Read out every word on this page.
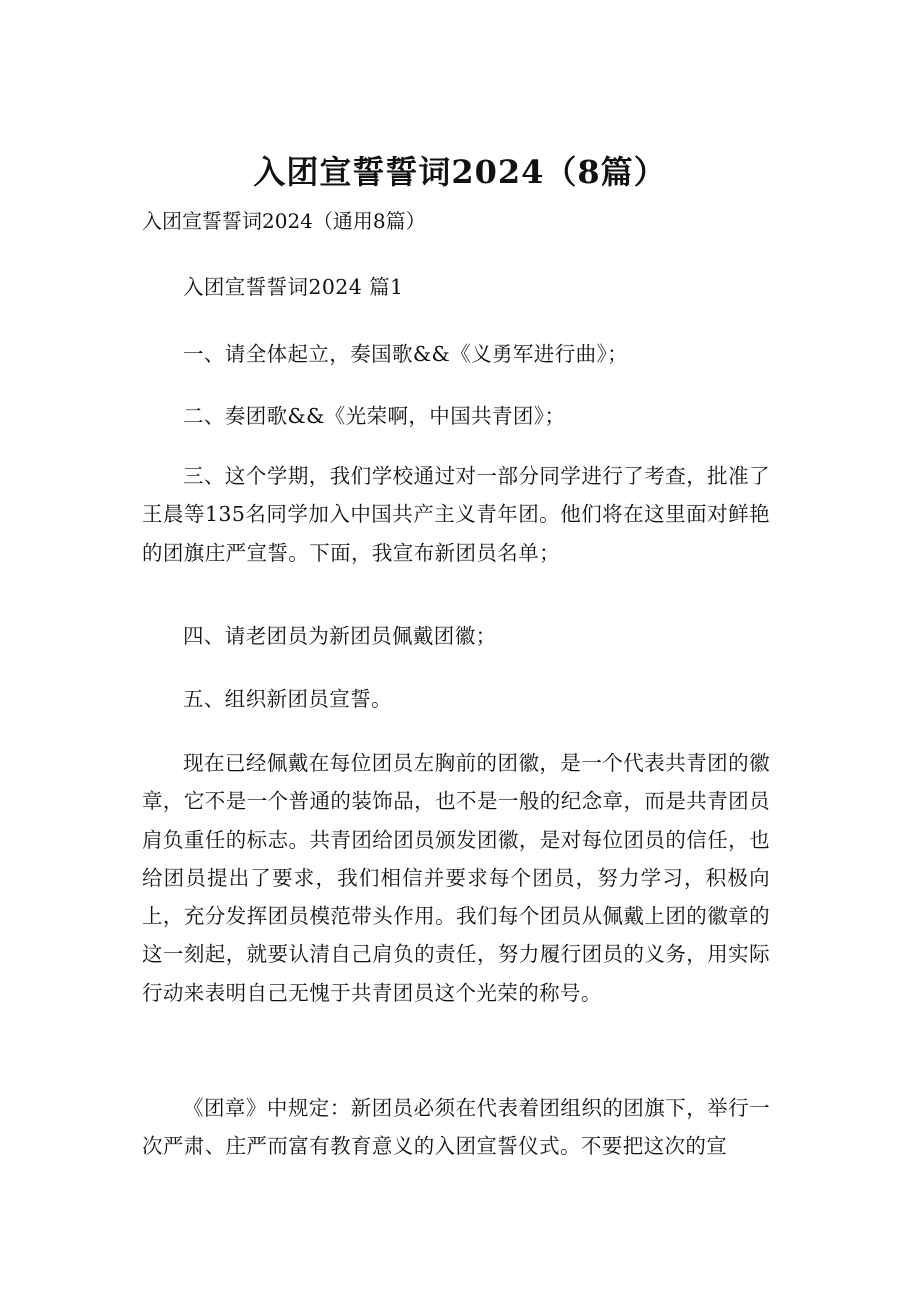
入团宣誓誓词2024（8篇）

入团宣誓誓词2024（通用8篇）

入团宣誓誓词2024 篇1

一、请全体起立，奏国歌&&《义勇军进行曲》；

二、奏团歌&&《光荣啊，中国共青团》；

三、这个学期，我们学校通过对一部分同学进行了考查，批准了王晨等135名同学加入中国共产主义青年团。他们将在这里面对鲜艳的团旗庄严宣誓。下面，我宣布新团员名单；

四、请老团员为新团员佩戴团徽；

五、组织新团员宣誓。

现在已经佩戴在每位团员左胸前的团徽，是一个代表共青团的徽章，它不是一个普通的装饰品，也不是一般的纪念章，而是共青团员肩负重任的标志。共青团给团员颁发团徽，是对每位团员的信任，也给团员提出了要求，我们相信并要求每个团员，努力学习，积极向上，充分发挥团员模范带头作用。我们每个团员从佩戴上团的徽章的这一刻起，就要认清自己肩负的责任，努力履行团员的义务，用实际行动来表明自己无愧于共青团员这个光荣的称号。

《团章》中规定：新团员必须在代表着团组织的团旗下，举行一次严肃、庄严而富有教育意义的入团宣誓仪式。不要把这次的宣
